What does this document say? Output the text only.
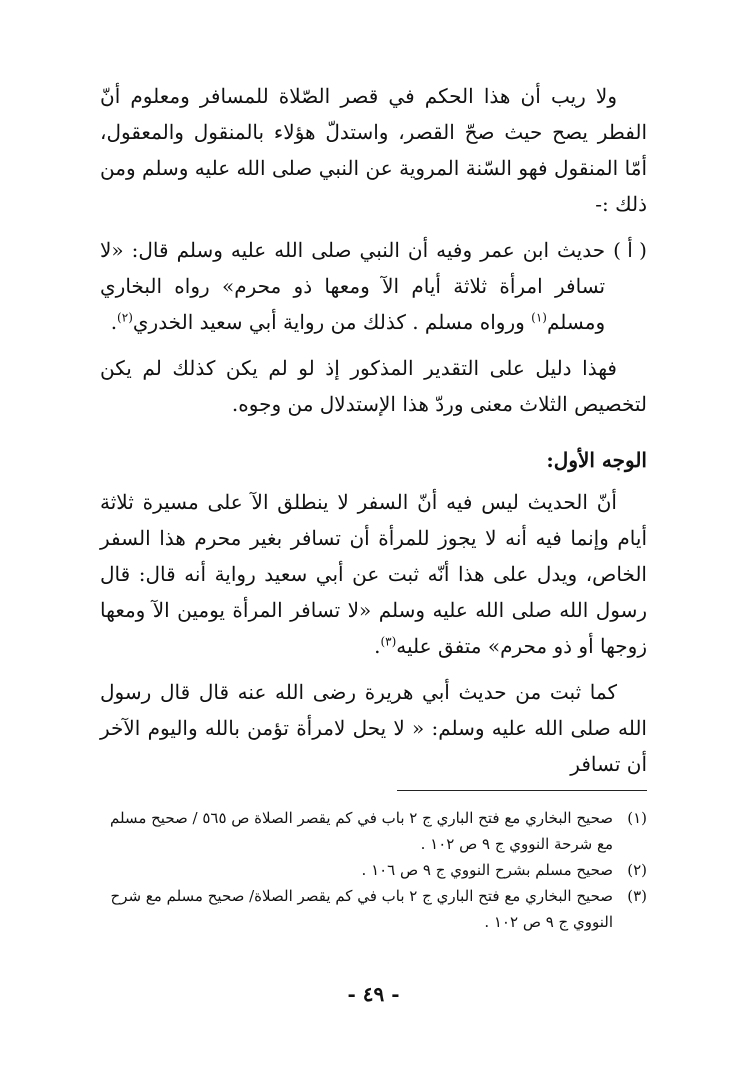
ولا ريب أن هذا الحكم في قصر الصّلاة للمسافر ومعلوم أنّ الفطر يصح حيث صحّ القصر، واستدلّ هؤلاء بالمنقول والمعقول، أمّا المنقول فهو السّنة المروية عن النبي صلى الله عليه وسلم ومن ذلك :-

( أ )
حديث ابن عمر وفيه أن النبي صلى الله عليه وسلم قال: «لا تسافر امرأة ثلاثة أيام الآ ومعها ذو محرم» رواه البخاري ومسلم$^{(١)}$ ورواه مسلم . كذلك من رواية أبي سعيد الخدري$^{(٢)}$.

فهذا دليل على التقدير المذكور إذ لو لم يكن كذلك لم يكن لتخصيص الثلاث معنى وردّ هذا الإستدلال من وجوه.

الوجه الأول:

أنّ الحديث ليس فيه أنّ السفر لا ينطلق الآ على مسيرة ثلاثة أيام وإنما فيه أنه لا يجوز للمرأة أن تسافر بغير محرم هذا السفر الخاص، ويدل على هذا أنّه ثبت عن أبي سعيد رواية أنه قال: قال رسول الله صلى الله عليه وسلم «لا تسافر المرأة يومين الآ ومعها زوجها أو ذو محرم» متفق عليه$^{(٣)}$.

كما ثبت من حديث أبي هريرة رضى الله عنه قال قال رسول الله صلى الله عليه وسلم: « لا يحل لامرأة تؤمن بالله واليوم الآخر أن تسافر

(١)
صحيح البخاري مع فتح الباري ج ٢ باب في كم يقصر الصلاة ص ٥٦٥ / صحيح مسلم مع شرحة النووي ج ٩ ص ١٠٢ .
(٢)
صحيح مسلم بشرح النووي ج ٩ ص ١٠٦ .
(٣)
صحيح البخاري مع فتح الباري ج ٢ باب في كم يقصر الصلاة/ صحيح مسلم مع شرح النووي ج ٩ ص ١٠٢ .
- ٤٩ -
